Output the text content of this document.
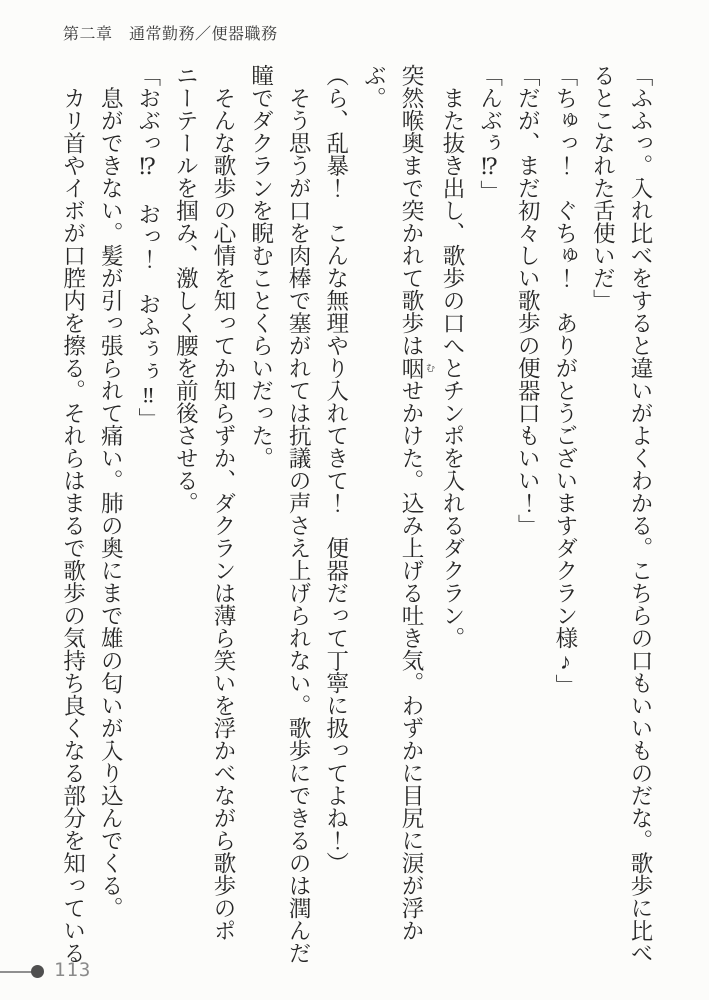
第二章　通常勤務／便器職務

「ふふっ。入れ比べをすると違いがよくわかる。こちらの口もいいものだな。歌歩に比べるとこなれた舌使いだ」

「ちゅっ！　ぐちゅ！　ありがとうございますダクラン様♪」

「だが、まだ初々しい歌歩の便器口もいい！」

「んぶぅ⁉」

　また抜き出し、歌歩の口へとチンポを入れるダクラン。

突然喉奥まで突かれて歌歩は咽 むせかけた。込み上げる吐き気。わずかに目尻に涙が浮かぶ。

（ら、乱暴！　こんな無理やり入れてきて！　便器だって丁寧に扱ってよね！）

　そう思うが口を肉棒で塞がれては抗議の声さえ上げられない。歌歩にできるのは潤んだ瞳でダクランを睨むことくらいだった。

　そんな歌歩の心情を知ってか知らずか、ダクランは薄ら笑いを浮かべながら歌歩のポニーテールを掴み、激しく腰を前後させる。

「おぶっ⁉　おっ！　おふぅぅ‼」

　息ができない。髪が引っ張られて痛い。肺の奥にまで雄の匂いが入り込んでくる。

　カリ首やイボが口腔内を擦る。それらはまるで歌歩の気持ち良くなる部分を知っている

113
